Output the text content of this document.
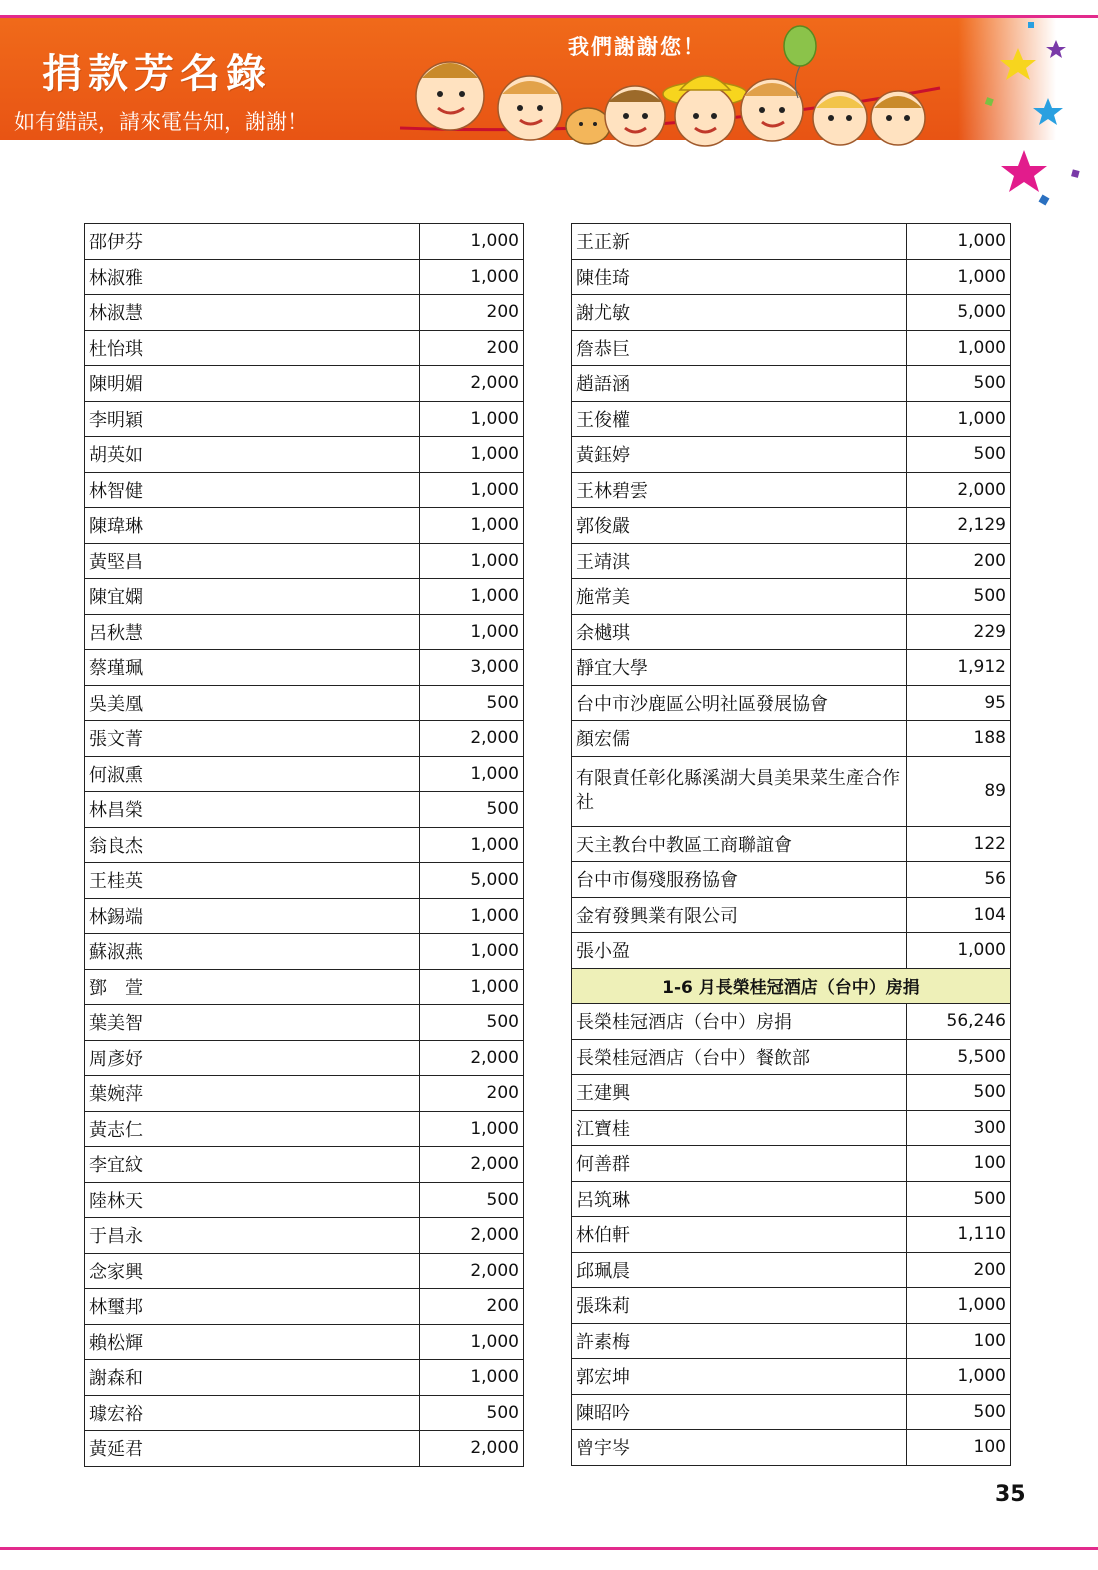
捐款芳名錄
如有錯誤，請來電告知，謝謝！
我們謝謝您！
邵伊芬	1,000
林淑雅	1,000
林淑慧	200
杜怡琪	200
陳明媚	2,000
李明穎	1,000
胡英如	1,000
林智健	1,000
陳瑋琳	1,000
黃堅昌	1,000
陳宜嫻	1,000
呂秋慧	1,000
蔡瑾珮	3,000
吳美凰	500
張文菁	2,000
何淑熏	1,000
林昌榮	500
翁良杰	1,000
王桂英	5,000
林錫端	1,000
蘇淑燕	1,000
鄧　萱	1,000
葉美智	500
周彥妤	2,000
葉婉萍	200
黃志仁	1,000
李宜紋	2,000
陸林天	500
于昌永	2,000
念家興	2,000
林璽邦	200
賴松輝	1,000
謝森和	1,000
璩宏裕	500
黃延君	2,000
王正新	1,000
陳佳琦	1,000
謝尤敏	5,000
詹恭巨	1,000
趙語涵	500
王俊權	1,000
黃鈺婷	500
王林碧雲	2,000
郭俊嚴	2,129
王靖淇	200
施常美	500
余樾琪	229
靜宜大學	1,912
台中市沙鹿區公明社區發展協會	95
顏宏儒	188
有限責任彰化縣溪湖大員美果菜生產合作社	89
天主教台中教區工商聯誼會	122
台中市傷殘服務協會	56
金宥發興業有限公司	104
張小盈	1,000
1-6 月長榮桂冠酒店（台中）房捐	
長榮桂冠酒店（台中）房捐	56,246
長榮桂冠酒店（台中）餐飲部	5,500
王建興	500
江寶桂	300
何善群	100
呂筑琳	500
林伯軒	1,110
邱珮晨	200
張珠莉	1,000
許素梅	100
郭宏坤	1,000
陳昭吟	500
曾宇岑	100
35
